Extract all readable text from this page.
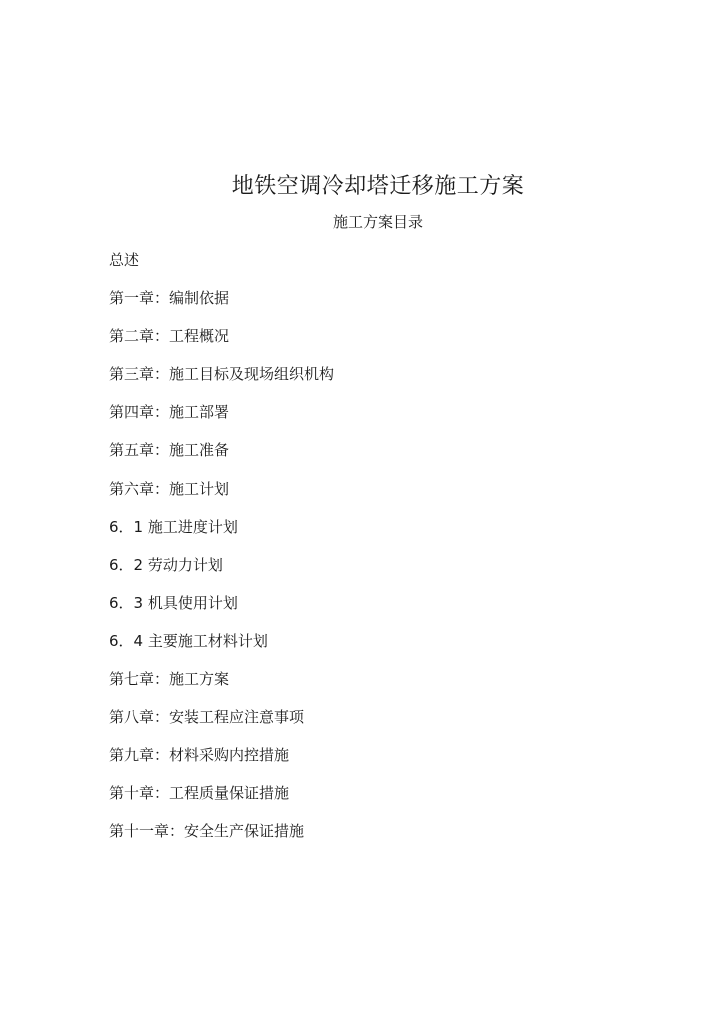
地铁空调冷却塔迁移施工方案
施工方案目录
总述
第一章：编制依据
第二章：工程概况
第三章：施工目标及现场组织机构
第四章：施工部署
第五章：施工准备
第六章：施工计划
6．1 施工进度计划
6．2 劳动力计划
6．3 机具使用计划
6．4 主要施工材料计划
第七章：施工方案
第八章：安装工程应注意事项
第九章：材料采购内控措施
第十章：工程质量保证措施
第十一章：安全生产保证措施
